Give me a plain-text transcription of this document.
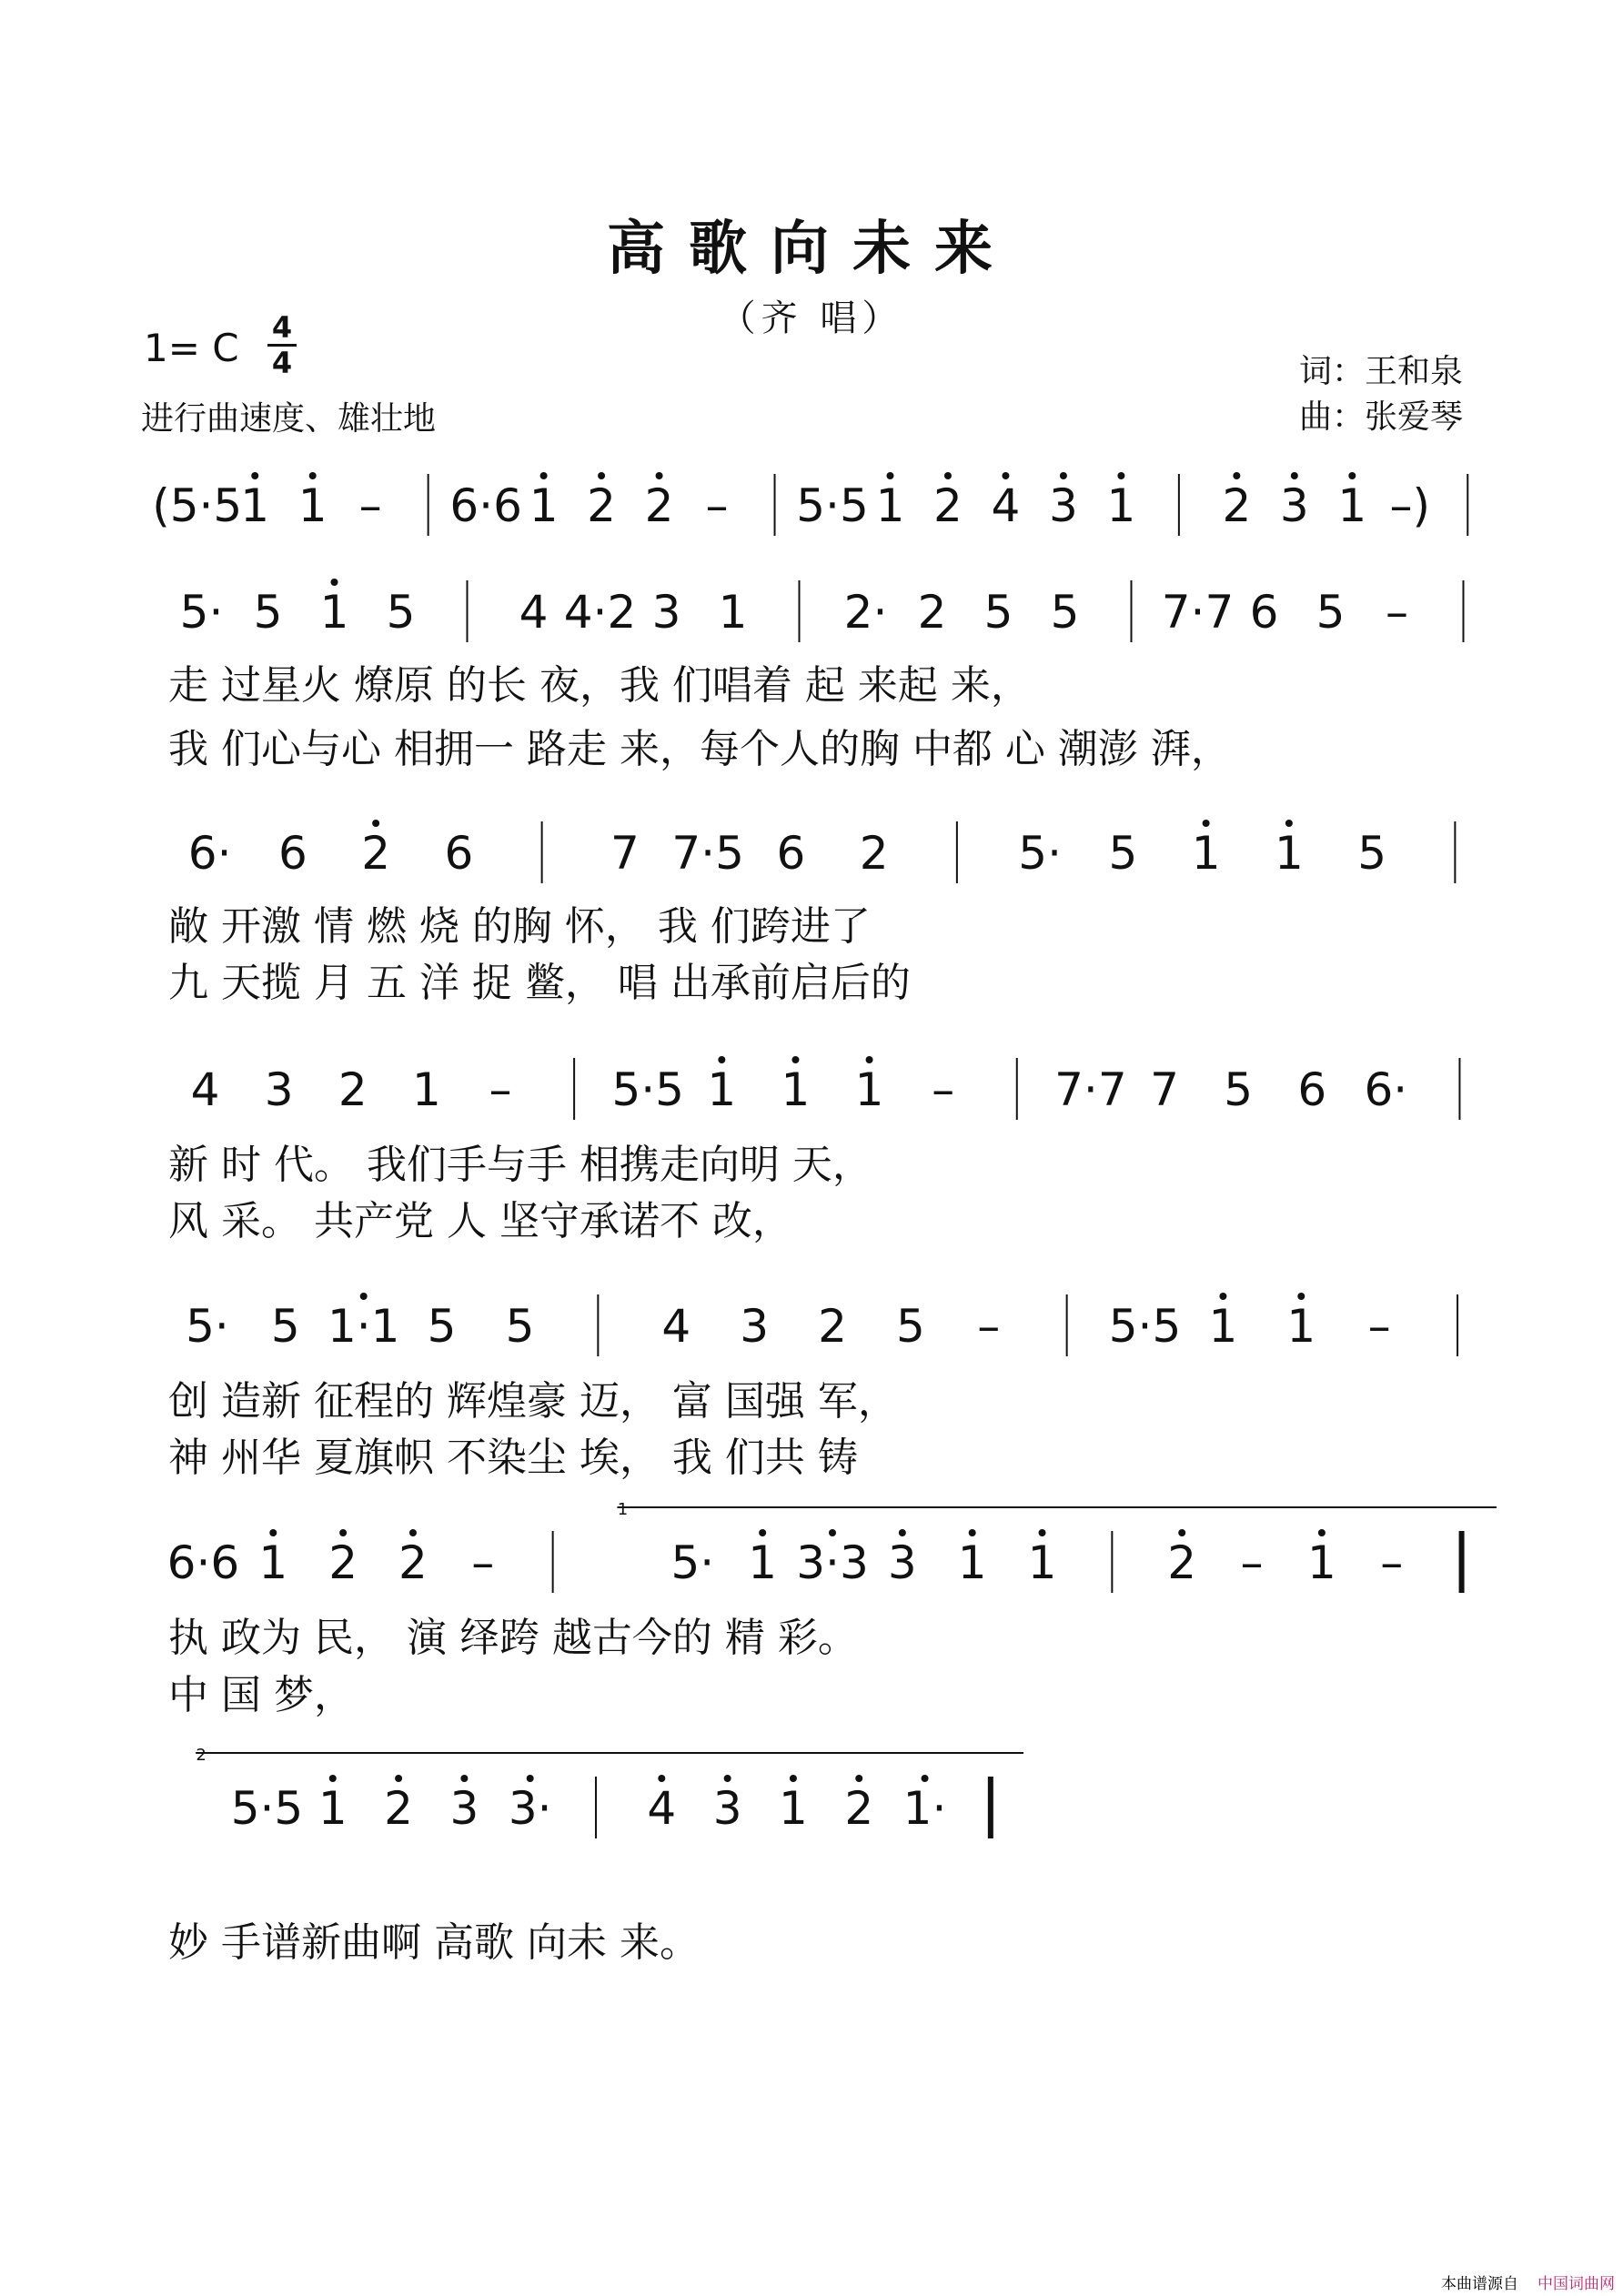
高歌向未来
（齐 唱）
1= C 4
4
进行曲速度、雄壮地
词：王和泉
曲：张爱琴
(5·5
1 1 – 6·6 1 2 2 – 5·5 1 2 4 3 1 2 3 1 –)
5· 5 1 5 4 4·2 3 1 2· 2 5 5 7·7 6 5 –
走 过星火 燎原 的长 夜，我 们唱着 起 来起 来，
我 们心与心 相拥一 路走 来，每个人的胸 中都 心 潮澎 湃，
6· 6 2 6	7 7·5 6 2	5· 5 1 1 5
敞 开激 情 燃 烧 的胸 怀， 我 们跨进了
九 天揽 月 五 洋 捉 鳖， 唱 出承前启后的
4 3 2 1 – 5·5 1 1 1 – 7·7 7 5 6 6·
新 时 代。 我们手与手 相携走向明 天，
风 采。 共产党 人 坚守承诺不 改，
5· 5 1·1 5 5	4 3 2 5 – 5·5 1 1 –
创 造新 征程的 辉煌豪 迈， 富 国强 军，
神 州华 夏旗帜 不染尘 埃， 我 们共 铸
6·6 1 2 2 –
1
5· 1 3·3 3 1 1 2 – 1 –
执 政为 民， 演 绎跨 越古今的 精 彩。
中 国 梦，
2
5·5 1 2 3 3· 4 3 1 2 1·
妙 手谱新曲啊 高歌 向未 来。
本曲谱源自 中国词曲网
